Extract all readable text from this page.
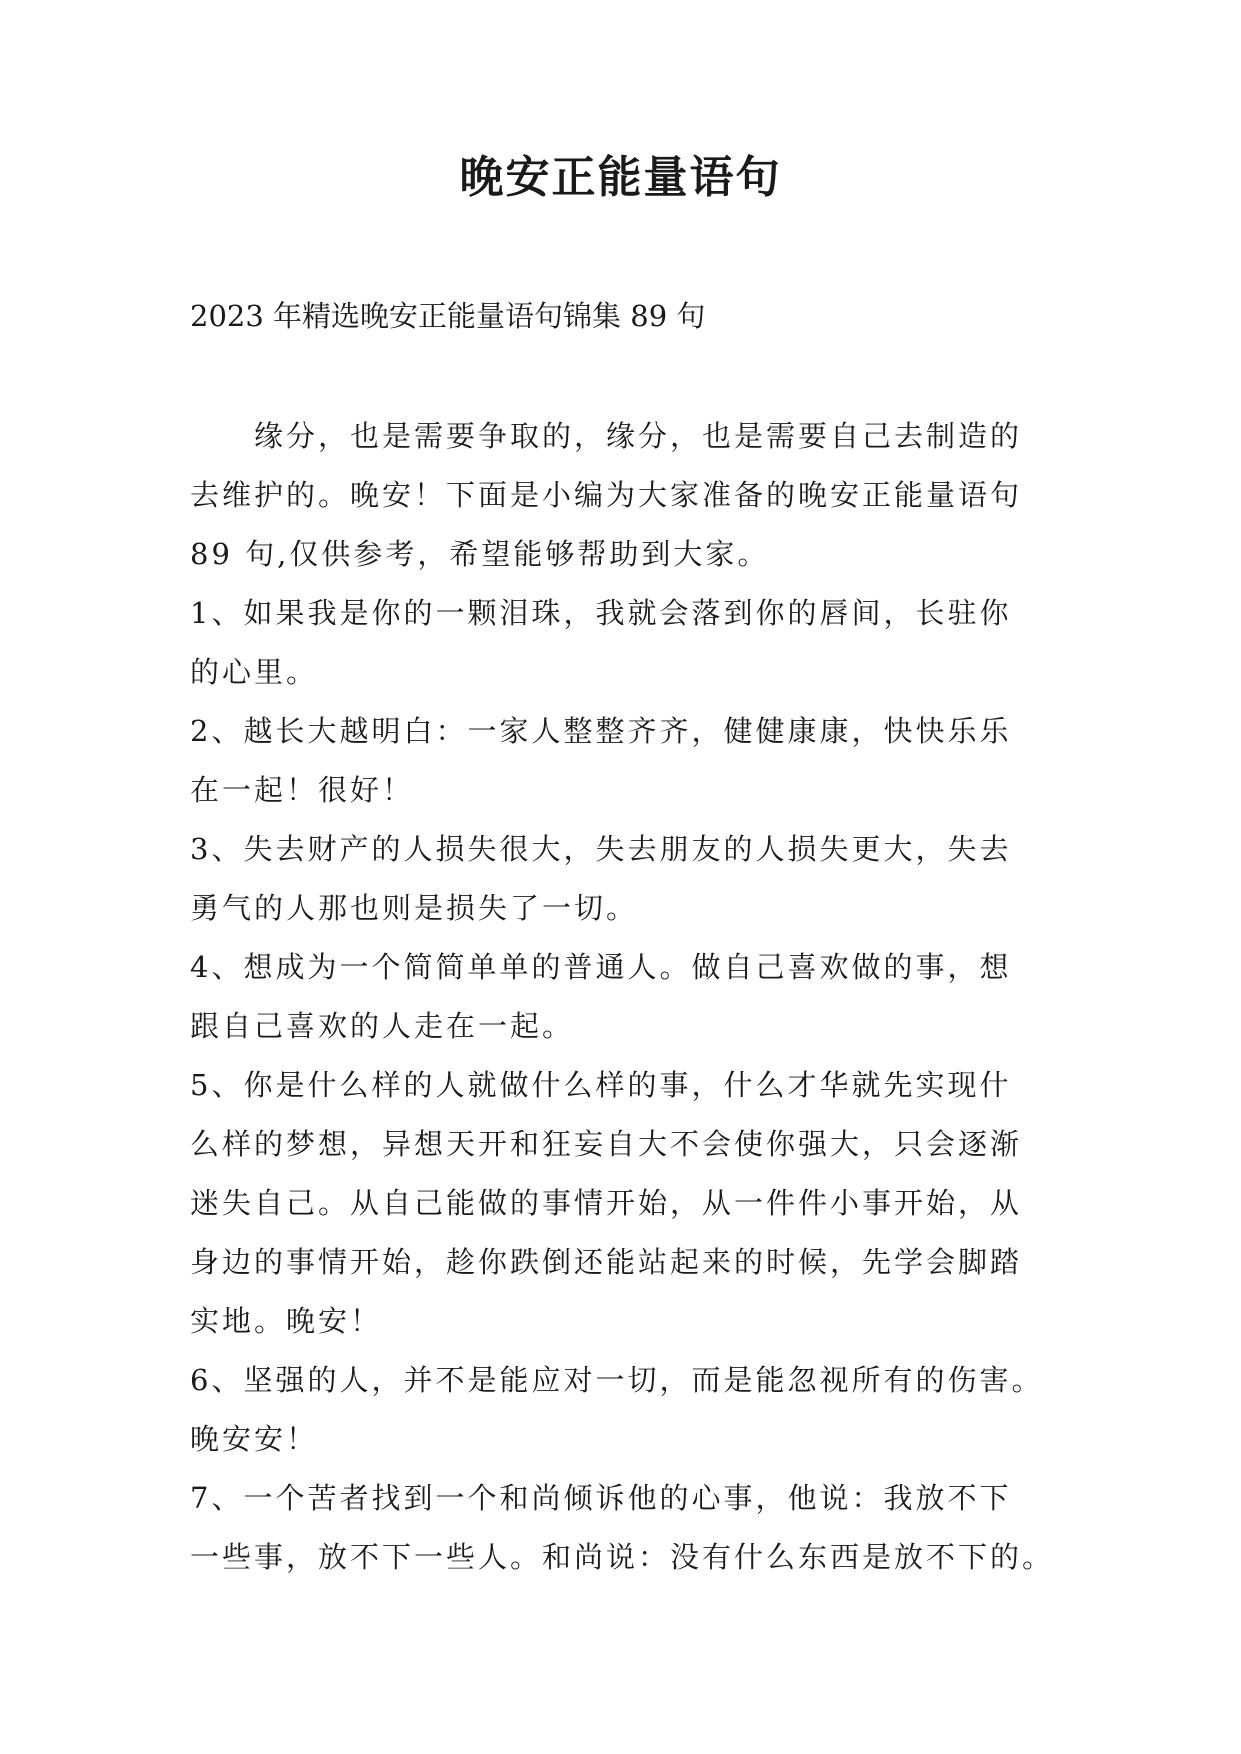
晚安正能量语句
2023 年精选晚安正能量语句锦集 89 句
缘分，也是需要争取的，缘分，也是需要自己去制造的
去维护的。晚安！下面是小编为大家准备的晚安正能量语句
89 句,仅供参考，希望能够帮助到大家。
1、如果我是你的一颗泪珠，我就会落到你的唇间，长驻你
的心里。
2、越长大越明白：一家人整整齐齐，健健康康，快快乐乐
在一起！很好！
3、失去财产的人损失很大，失去朋友的人损失更大，失去
勇气的人那也则是损失了一切。
4、想成为一个简简单单的普通人。做自己喜欢做的事，想
跟自己喜欢的人走在一起。
5、你是什么样的人就做什么样的事，什么才华就先实现什
么样的梦想，异想天开和狂妄自大不会使你强大，只会逐渐
迷失自己。从自己能做的事情开始，从一件件小事开始，从
身边的事情开始，趁你跌倒还能站起来的时候，先学会脚踏
实地。晚安！
6、坚强的人，并不是能应对一切，而是能忽视所有的伤害。
晚安安！
7、一个苦者找到一个和尚倾诉他的心事，他说：我放不下
一些事，放不下一些人。和尚说：没有什么东西是放不下的。
